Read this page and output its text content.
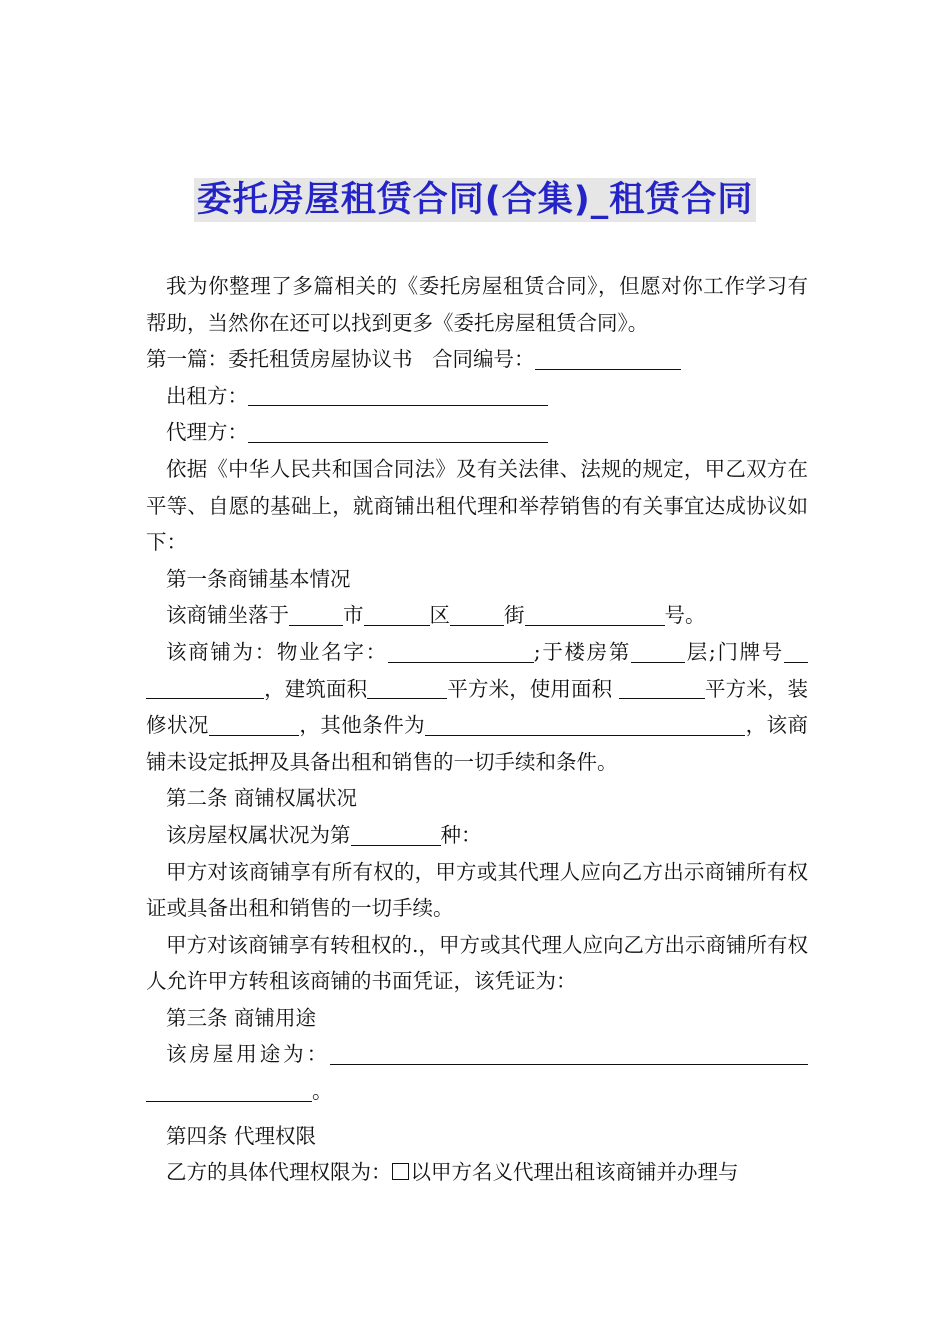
委托房屋租赁合同(合集)_租赁合同

我为你整理了多篇相关的《委托房屋租赁合同》，但愿对你工作学习有帮助，当然你在还可以找到更多《委托房屋租赁合同》。

第一篇：委托租赁房屋协议书 合同编号：

出租方：

代理方：

依据《中华人民共和国合同法》及有关法律、法规的规定，甲乙双方在平等、自愿的基础上，就商铺出租代理和举荐销售的有关事宜达成协议如下：

第一条商铺基本情况

该商铺坐落于	市	区	街	号。

该商铺为：物业名字：	;于楼房第	层;门牌号，建筑面积	平方米，使用面积	平方米，装修状况	，其他条件为	，该商铺未设定抵押及具备出租和销售的一切手续和条件。

第二条 商铺权属状况

该房屋权属状况为第	种：

甲方对该商铺享有所有权的，甲方或其代理人应向乙方出示商铺所有权证或具备出租和销售的一切手续。

甲方对该商铺享有转租权的.，甲方或其代理人应向乙方出示商铺所有权人允许甲方转租该商铺的书面凭证，该凭证为：

第三条 商铺用途

该房屋用途为：。

第四条 代理权限

乙方的具体代理权限为： 以甲方名义代理出租该商铺并办理与
